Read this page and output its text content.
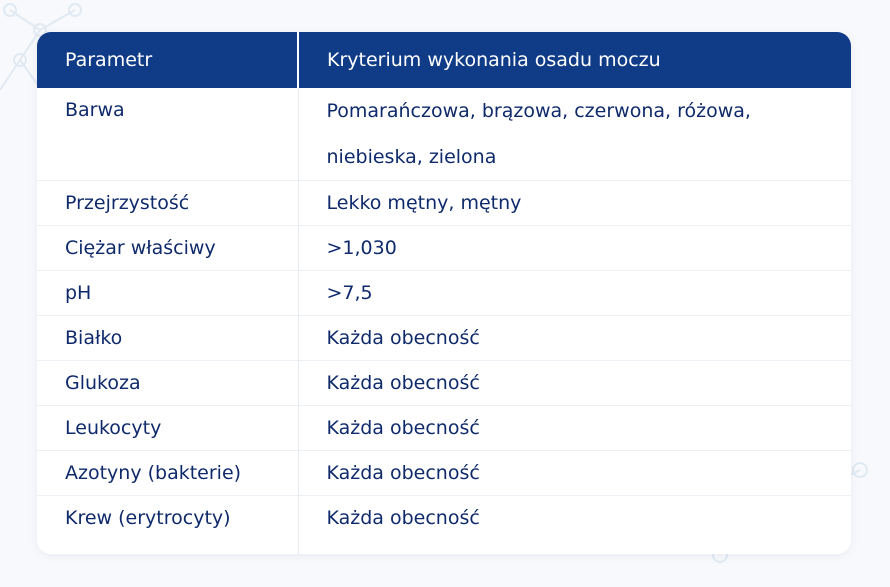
Parametr	Kryterium wykonania osadu moczu
Barwa	Pomarańczowa, brązowa, czerwona, różowa, niebieska, zielona
Przejrzystość	Lekko mętny, mętny
Ciężar właściwy	>1,030
pH	>7,5
Białko	Każda obecność
Glukoza	Każda obecność
Leukocyty	Każda obecność
Azotyny (bakterie)	Każda obecność
Krew (erytrocyty)	Każda obecność
